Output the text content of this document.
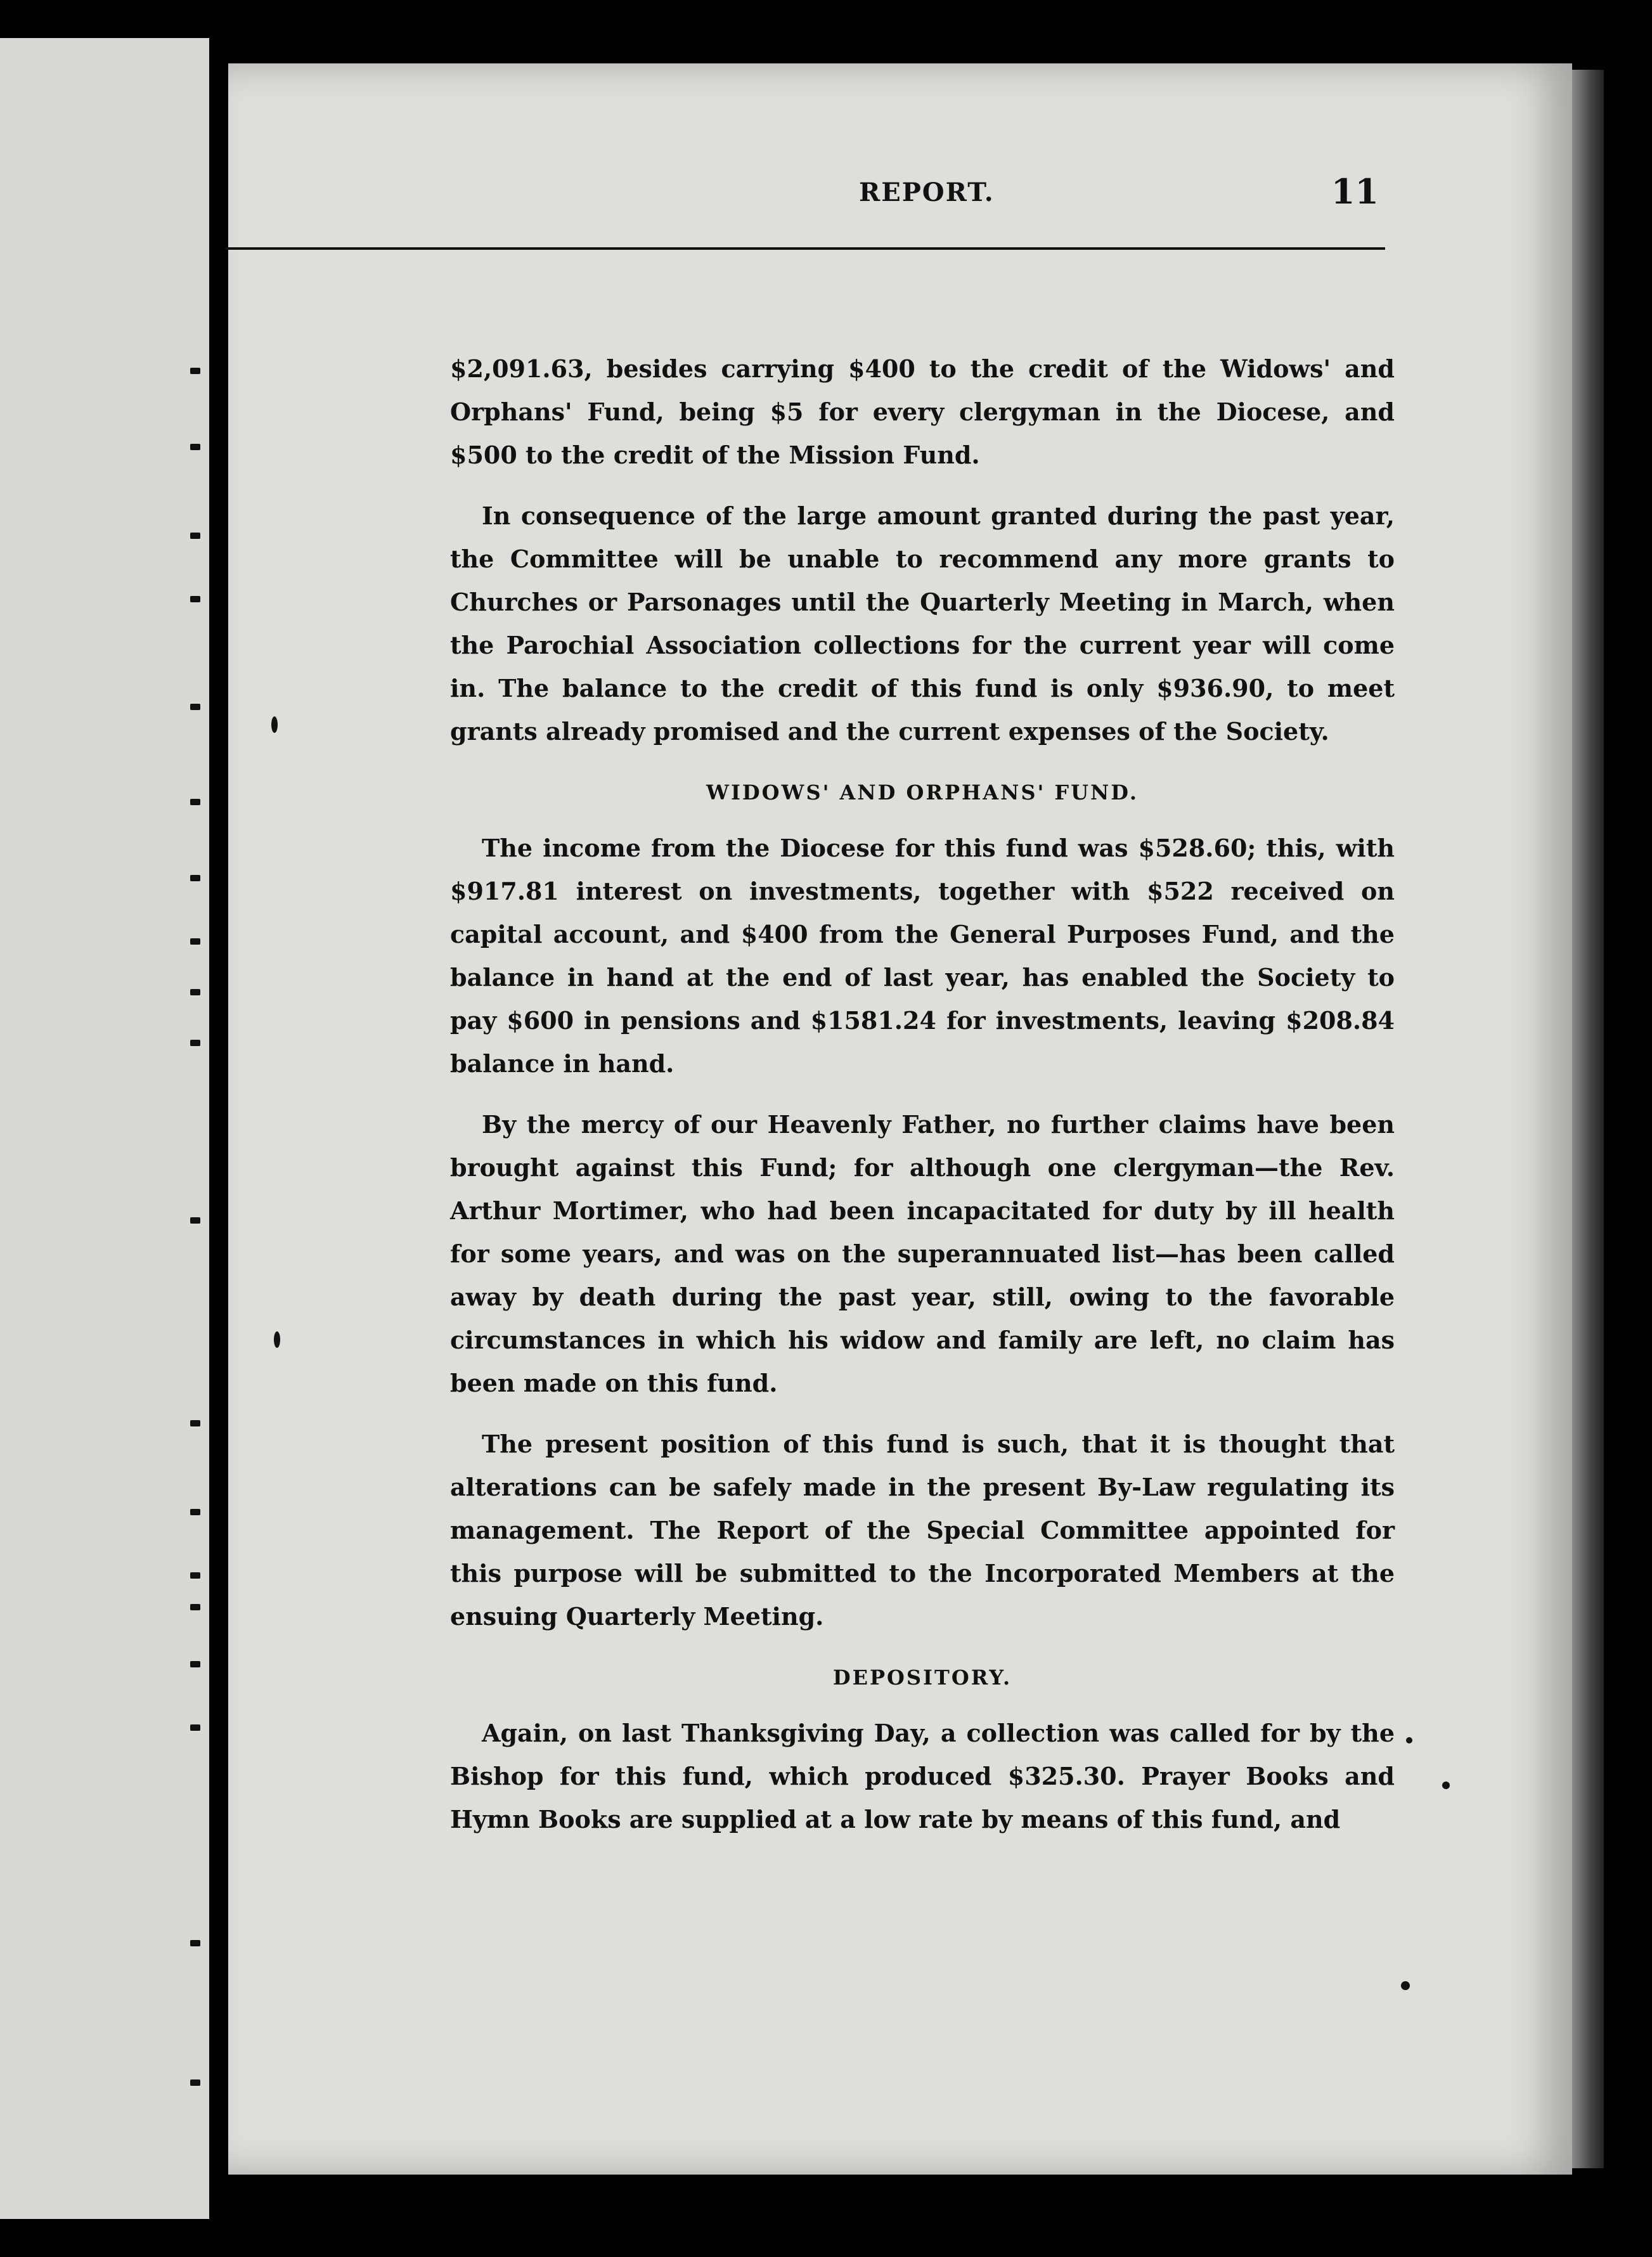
REPORT.	11

$2,091.63, besides carrying $400 to the credit of the Widows' and Orphans' Fund, being $5 for every clergyman in the Diocese, and $500 to the credit of the Mission Fund.

In consequence of the large amount granted during the past year, the Committee will be unable to recommend any more grants to Churches or Parsonages until the Quarterly Meeting in March, when the Parochial Association collections for the current year will come in. The balance to the credit of this fund is only $936.90, to meet grants already promised and the current expenses of the Society.

WIDOWS' AND ORPHANS' FUND.

The income from the Diocese for this fund was $528.60; this, with $917.81 interest on investments, together with $522 received on capital account, and $400 from the General Purposes Fund, and the balance in hand at the end of last year, has enabled the Society to pay $600 in pensions and $1581.24 for investments, leaving $208.84 balance in hand.

By the mercy of our Heavenly Father, no further claims have been brought against this Fund; for although one clergyman—the Rev. Arthur Mortimer, who had been incapacitated for duty by ill health for some years, and was on the superannuated list—has been called away by death during the past year, still, owing to the favorable circumstances in which his widow and family are left, no claim has been made on this fund.

The present position of this fund is such, that it is thought that alterations can be safely made in the present By-Law regulating its management. The Report of the Special Committee appointed for this purpose will be submitted to the Incorporated Members at the ensuing Quarterly Meeting.

DEPOSITORY.

Again, on last Thanksgiving Day, a collection was called for by the Bishop for this fund, which produced $325.30. Prayer Books and Hymn Books are supplied at a low rate by means of this fund, and
